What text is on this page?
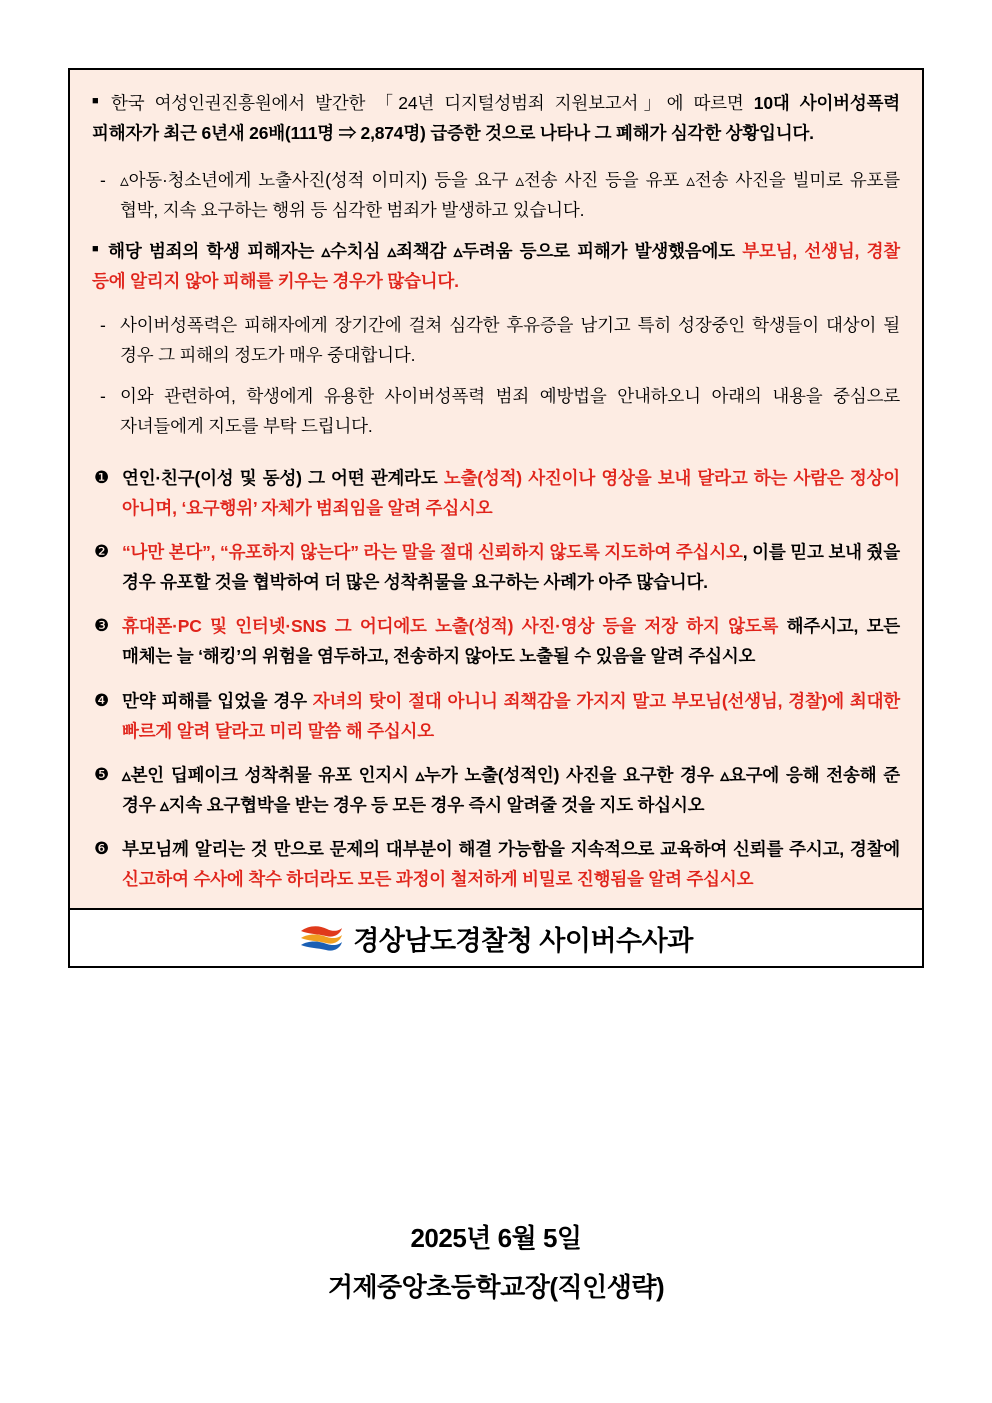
■ 한국 여성인권진흥원에서 발간한 「24년 디지털성범죄 지원보고서」에 따르면 10대 사이버성폭력 피해자가 최근 6년새 26배(111명 ⇒ 2,874명) 급증한 것으로 나타나 그 폐해가 심각한 상황입니다.
- ▵아동·청소년에게 노출사진(성적 이미지) 등을 요구 ▵전송 사진 등을 유포 ▵전송 사진을 빌미로 유포를 협박, 지속 요구하는 행위 등 심각한 범죄가 발생하고 있습니다.
■ 해당 범죄의 학생 피해자는 ▵수치심 ▵죄책감 ▵두려움 등으로 피해가 발생했음에도 부모님, 선생님, 경찰 등에 알리지 않아 피해를 키우는 경우가 많습니다.
- 사이버성폭력은 피해자에게 장기간에 걸쳐 심각한 후유증을 남기고 특히 성장중인 학생들이 대상이 될 경우 그 피해의 정도가 매우 중대합니다.
- 이와 관련하여, 학생에게 유용한 사이버성폭력 범죄 예방법을 안내하오니 아래의 내용을 중심으로 자녀들에게 지도를 부탁 드립니다.
❶ 연인·친구(이성 및 동성) 그 어떤 관계라도 노출(성적) 사진이나 영상을 보내 달라고 하는 사람은 정상이 아니며, ‘요구행위’ 자체가 범죄임을 알려 주십시오
❷ “나만 본다”, “유포하지 않는다” 라는 말을 절대 신뢰하지 않도록 지도하여 주십시오, 이를 믿고 보내 줬을 경우 유포할 것을 협박하여 더 많은 성착취물을 요구하는 사례가 아주 많습니다.
❸ 휴대폰·PC 및 인터넷·SNS 그 어디에도 노출(성적) 사진·영상 등을 저장 하지 않도록 해주시고, 모든 매체는 늘 ‘해킹’의 위험을 염두하고, 전송하지 않아도 노출될 수 있음을 알려 주십시오
❹ 만약 피해를 입었을 경우 자녀의 탓이 절대 아니니 죄책감을 가지지 말고 부모님(선생님, 경찰)에 최대한 빠르게 알려 달라고 미리 말씀 해 주십시오
❺ ▵본인 딥페이크 성착취물 유포 인지시 ▵누가 노출(성적인) 사진을 요구한 경우 ▵요구에 응해 전송해 준 경우 ▵지속 요구협박을 받는 경우 등 모든 경우 즉시 알려줄 것을 지도 하십시오
❻ 부모님께 알리는 것 만으로 문제의 대부분이 해결 가능함을 지속적으로 교육하여 신뢰를 주시고, 경찰에 신고하여 수사에 착수 하더라도 모든 과정이 철저하게 비밀로 진행됨을 알려 주십시오
경상남도경찰청 사이버수사과
2025년 6월 5일
거제중앙초등학교장(직인생략)
